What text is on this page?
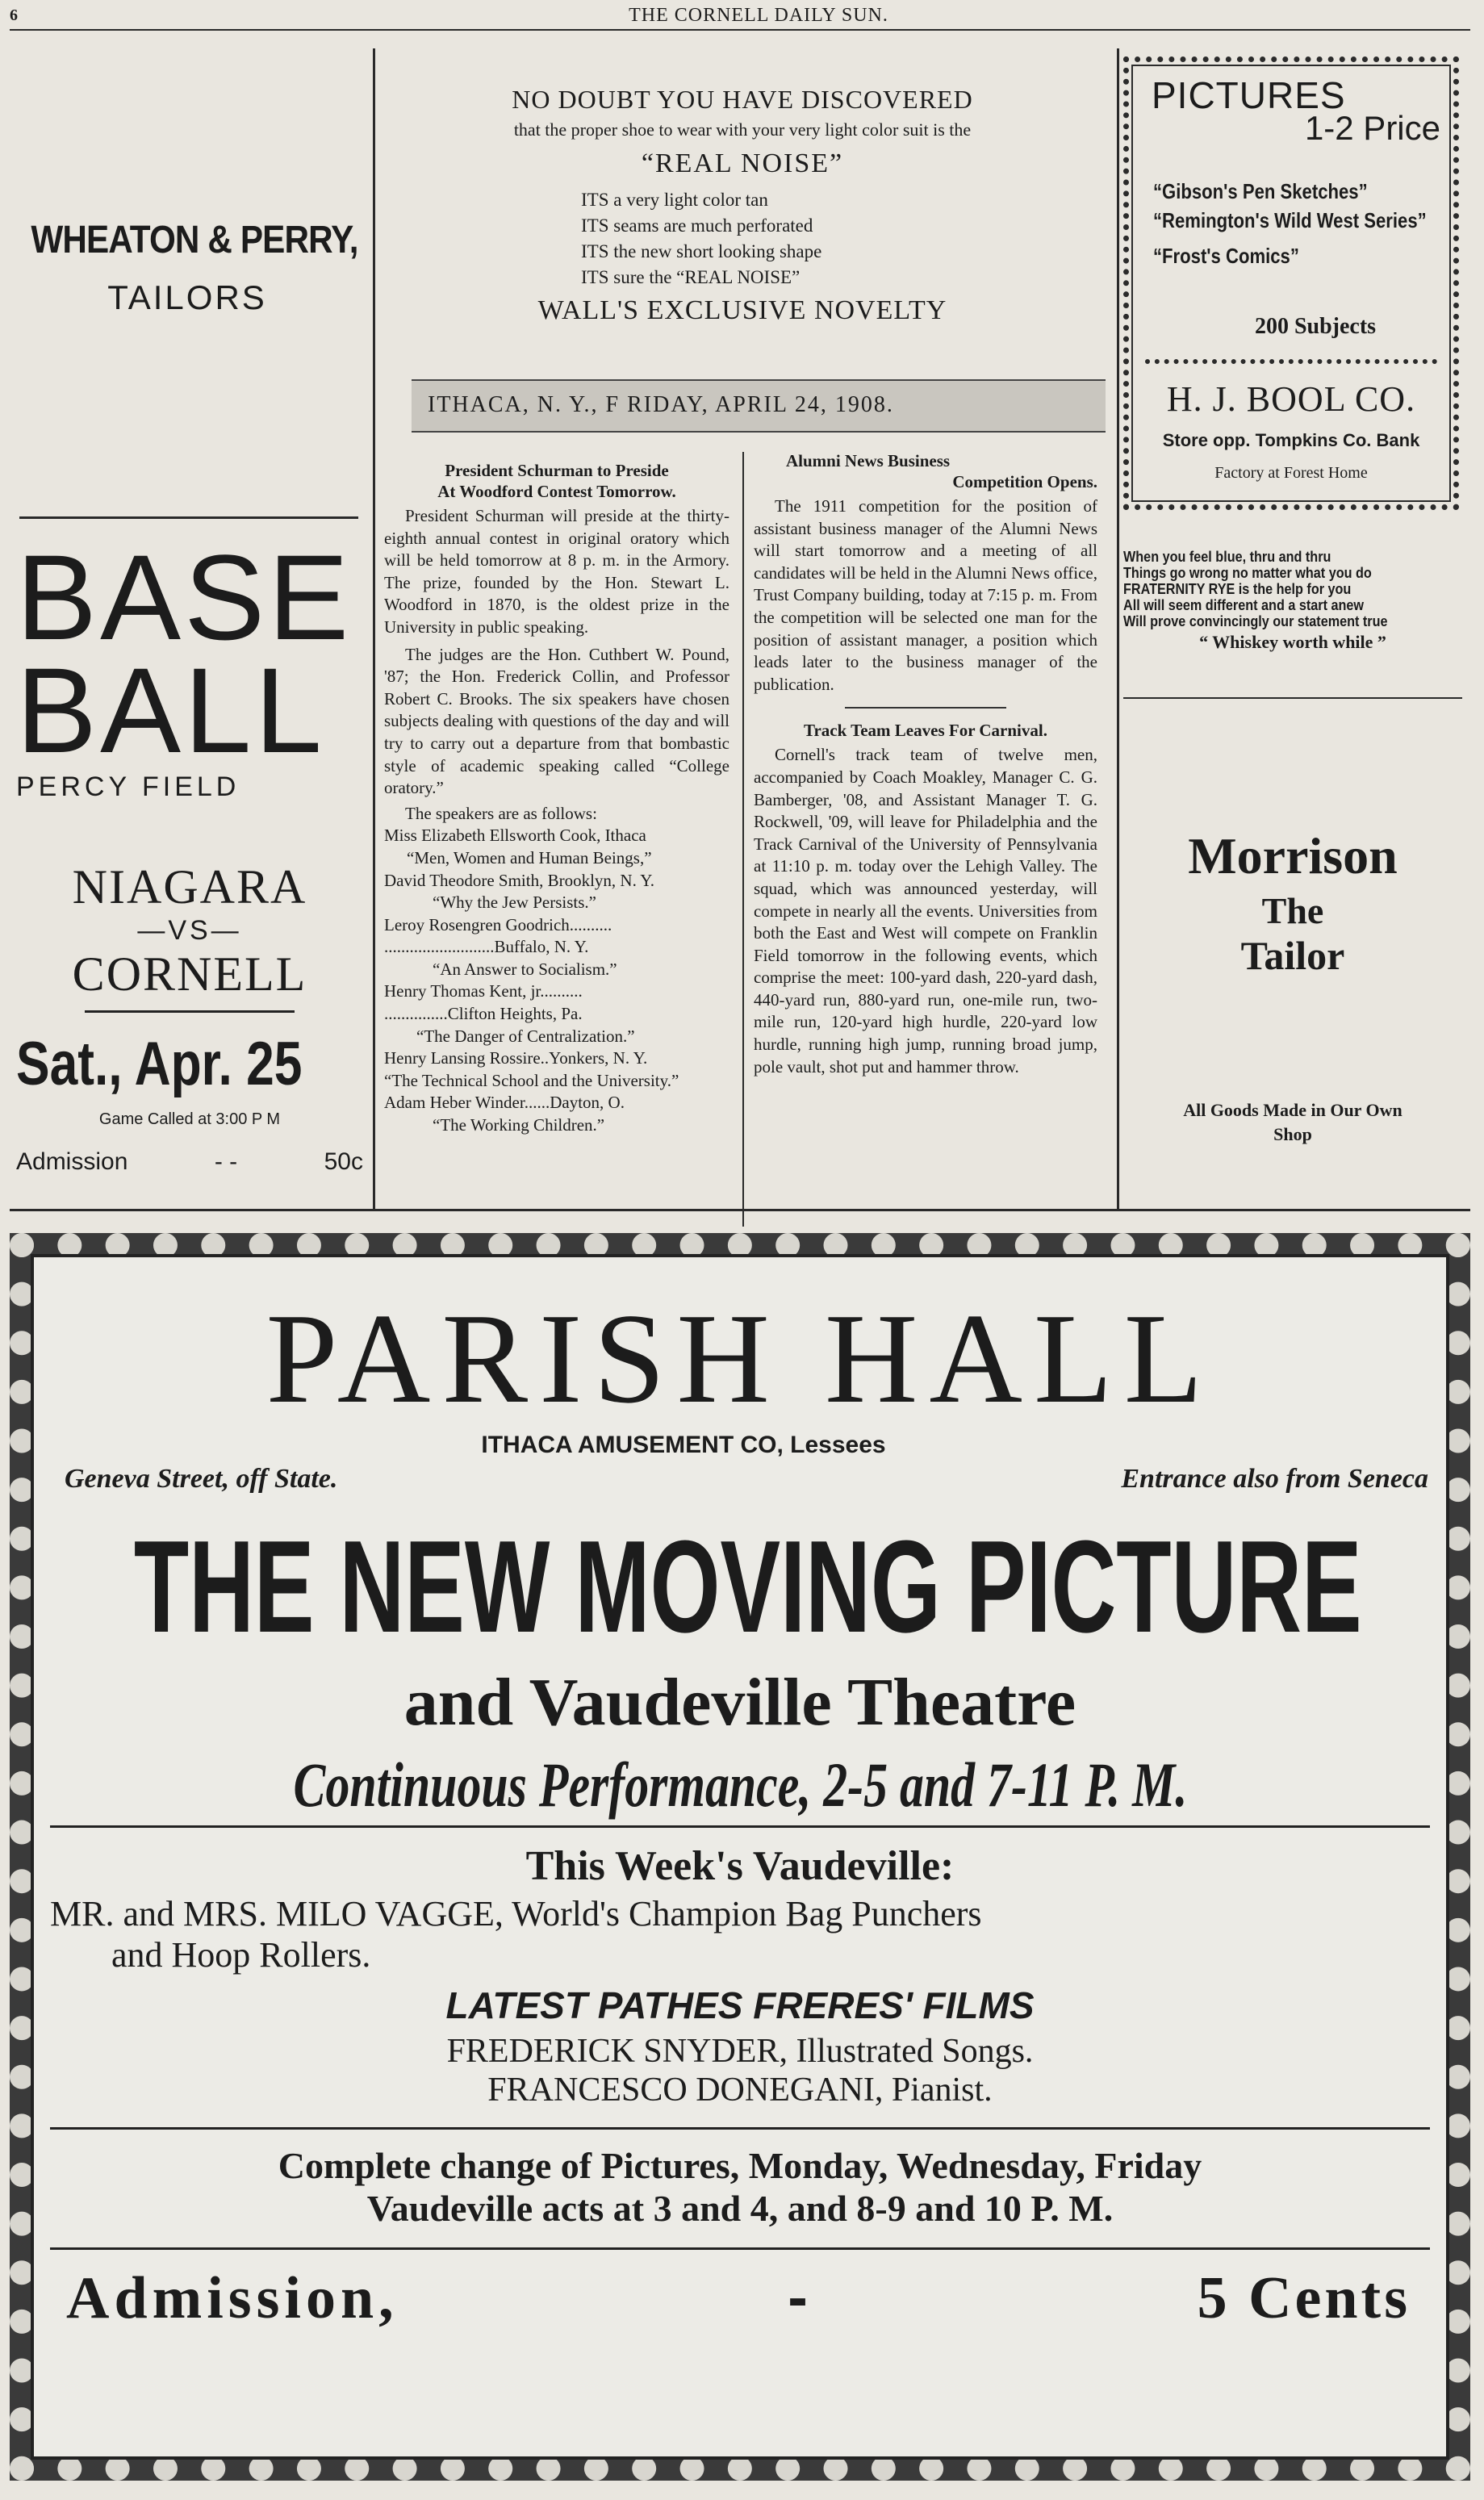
6	THE CORNELL DAILY SUN.
WHEATON & PERRY,
TAILORS
BASE
BALL
PERCY FIELD
NIAGARA
—VS—
CORNELL
Sat., Apr. 25
Game Called at 3:00 P M
Admission	- -	50c
NO DOUBT YOU HAVE DISCOVERED
that the proper shoe to wear with your very light color suit is the
“REAL NOISE”
ITS a very light color tan
ITS seams are much perforated
ITS the new short looking shape
ITS sure the “REAL NOISE”
WALL'S EXCLUSIVE NOVELTY
ITHACA, N. Y., F RIDAY, APRIL 24, 1908.
President Schurman to Preside
At Woodford Contest Tomorrow.

President Schurman will preside at the thirty-eighth annual contest in original oratory which will be held tomorrow at 8 p. m. in the Armory. The prize, founded by the Hon. Stewart L. Woodford in 1870, is the oldest prize in the University in public speaking.

The judges are the Hon. Cuthbert W. Pound, '87; the Hon. Frederick Collin, and Professor Robert C. Brooks. The six speakers have chosen subjects dealing with questions of the day and will try to carry out a departure from that bombastic style of academic speaking called “College oratory.”

The speakers are as follows:

Miss Elizabeth Ellsworth Cook, Ithaca
“Men, Women and Human Beings,”
David Theodore Smith, Brooklyn, N. Y.
“Why the Jew Persists.”
Leroy Rosengren Goodrich..........
..........................Buffalo, N. Y.
“An Answer to Socialism.”
Henry Thomas Kent, jr..........
...............Clifton Heights, Pa.
“The Danger of Centralization.”
Henry Lansing Rossire..Yonkers, N. Y.
“The Technical School and the University.”
Adam Heber Winder......Dayton, O.
“The Working Children.”
Alumni News Business
Competition Opens.

The 1911 competition for the position of assistant business manager of the Alumni News will start tomorrow and a meeting of all candidates will be held in the Alumni News office, Trust Company building, today at 7:15 p. m. From the competition will be selected one man for the position of assistant manager, a position which leads later to the business manager of the publication.

Track Team Leaves For Carnival.

Cornell's track team of twelve men, accompanied by Coach Moakley, Manager C. G. Bamberger, '08, and Assistant Manager T. G. Rockwell, '09, will leave for Philadelphia and the Track Carnival of the University of Pennsylvania at 11:10 p. m. today over the Lehigh Valley. The squad, which was announced yesterday, will compete in nearly all the events. Universities from both the East and West will compete on Franklin Field tomorrow in the following events, which comprise the meet: 100-yard dash, 220-yard dash, 440-yard run, 880-yard run, one-mile run, two-mile run, 120-yard high hurdle, 220-yard low hurdle, running high jump, running broad jump, pole vault, shot put and hammer throw.

PICTURES
1-2 Price
“Gibson's Pen Sketches”
“Remington's Wild West Series”
“Frost's Comics”
200 Subjects
H. J. BOOL CO.
Store opp. Tompkins Co. Bank
Factory at Forest Home
When you feel blue, thru and thru
Things go wrong no matter what you do
FRATERNITY RYE is the help for you
All will seem different and a start anew
Will prove convincingly our statement true
“ Whiskey worth while ”
Morrison
The
Tailor
All Goods Made in Our Own
Shop
PARISH HALL
ITHACA AMUSEMENT CO, Lessees
Geneva Street, off State.	Entrance also from Seneca
THE NEW MOVING PICTURE
and Vaudeville Theatre
Continuous Performance, 2-5 and 7-11 P. M.
This Week's Vaudeville:
MR. and MRS. MILO VAGGE, World's Champion Bag Punchers
and Hoop Rollers.
LATEST PATHES FRERES' FILMS
FREDERICK SNYDER, Illustrated Songs.
FRANCESCO DONEGANI, Pianist.
Complete change of Pictures, Monday, Wednesday, Friday
Vaudeville acts at 3 and 4, and 8-9 and 10 P. M.
Admission,	-	5 Cents
